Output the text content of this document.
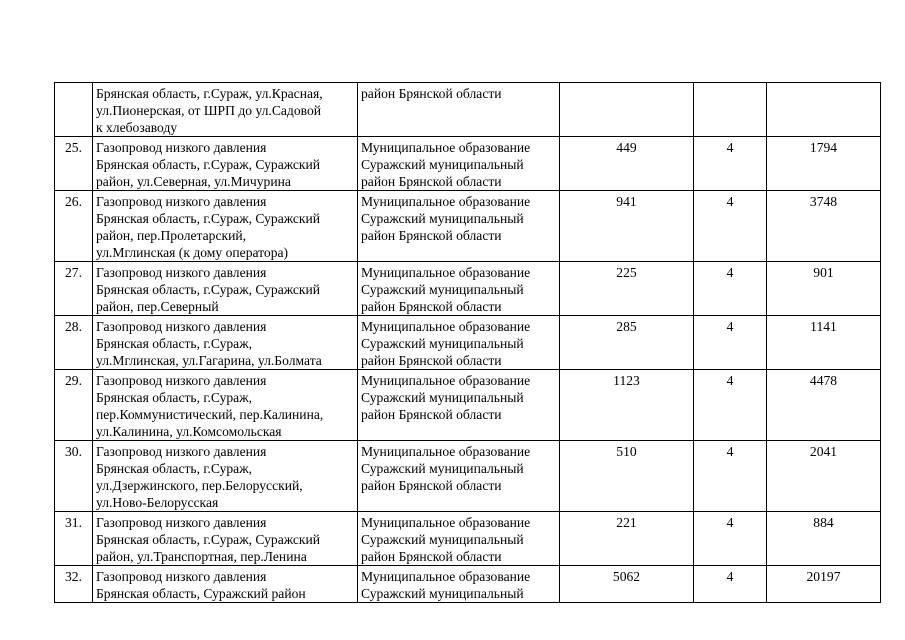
	Брянская область, г.Сураж, ул.Красная,
ул.Пионерская, от ШРП до ул.Садовой
к хлебозаводу	район Брянской области			

25.	Газопровод низкого давления
Брянская область, г.Сураж, Суражский
район, ул.Северная, ул.Мичурина	Муниципальное образование
Суражский муниципальный
район Брянской области	449	4	1794
26.	Газопровод низкого давления
Брянская область, г.Сураж, Суражский
район, пер.Пролетарский,
ул.Мглинская (к дому оператора)	Муниципальное образование
Суражский муниципальный
район Брянской области	941	4	3748
27.	Газопровод низкого давления
Брянская область, г.Сураж, Суражский
район, пер.Северный	Муниципальное образование
Суражский муниципальный
район Брянской области	225	4	901
28.	Газопровод низкого давления
Брянская область, г.Сураж,
ул.Мглинская, ул.Гагарина, ул.Болмата	Муниципальное образование
Суражский муниципальный
район Брянской области	285	4	1141
29.	Газопровод низкого давления
Брянская область, г.Сураж,
пер.Коммунистический, пер.Калинина,
ул.Калинина, ул.Комсомольская	Муниципальное образование
Суражский муниципальный
район Брянской области	1123	4	4478
30.	Газопровод низкого давления
Брянская область, г.Сураж,
ул.Дзержинского, пер.Белорусский,
ул.Ново-Белорусская	Муниципальное образование
Суражский муниципальный
район Брянской области	510	4	2041
31.	Газопровод низкого давления
Брянская область, г.Сураж, Суражский
район, ул.Транспортная, пер.Ленина	Муниципальное образование
Суражский муниципальный
район Брянской области	221	4	884
32.	Газопровод низкого давления
Брянская область, Суражский район	Муниципальное образование
Суражский муниципальный	5062	4	20197
